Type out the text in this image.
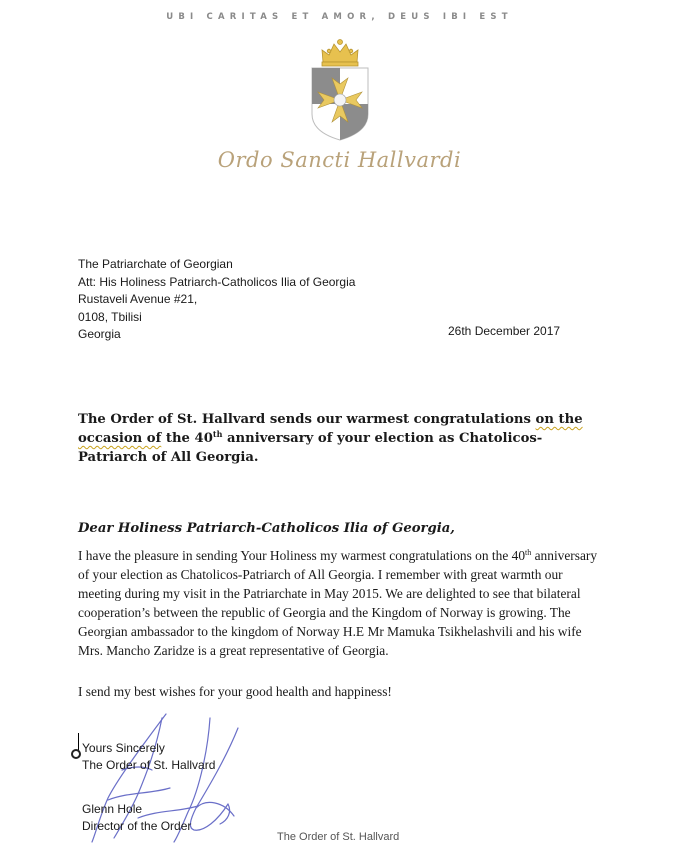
UBI CARITAS ET AMOR, DEUS IBI EST
Ordo Sancti Hallvardi
The Patriarchate of Georgian
Att: His Holiness Patriarch-Catholicos Ilia of Georgia
Rustaveli Avenue #21,
0108, Tbilisi
Georgia	26th December 2017
The Order of St. Hallvard sends our warmest congratulations on the occasion of the 40th anniversary of your election as Chatolicos-Patriarch of All Georgia.
Dear Holiness Patriarch-Catholicos Ilia of Georgia,
I have the pleasure in sending Your Holiness my warmest congratulations on the 40th anniversary of your election as Chatolicos-Patriarch of All Georgia. I remember with great warmth our meeting during my visit in the Patriarchate in May 2015. We are delighted to see that bilateral cooperation’s between the republic of Georgia and the Kingdom of Norway is growing. The Georgian ambassador to the kingdom of Norway H.E Mr Mamuka Tsikhelashvili and his wife Mrs. Mancho Zaridze is a great representative of Georgia.
I send my best wishes for your good health and happiness!
Yours Sincerely
The Order of St. Hallvard
Glenn Hole
Director of the Order
The Order of St. Hallvard
